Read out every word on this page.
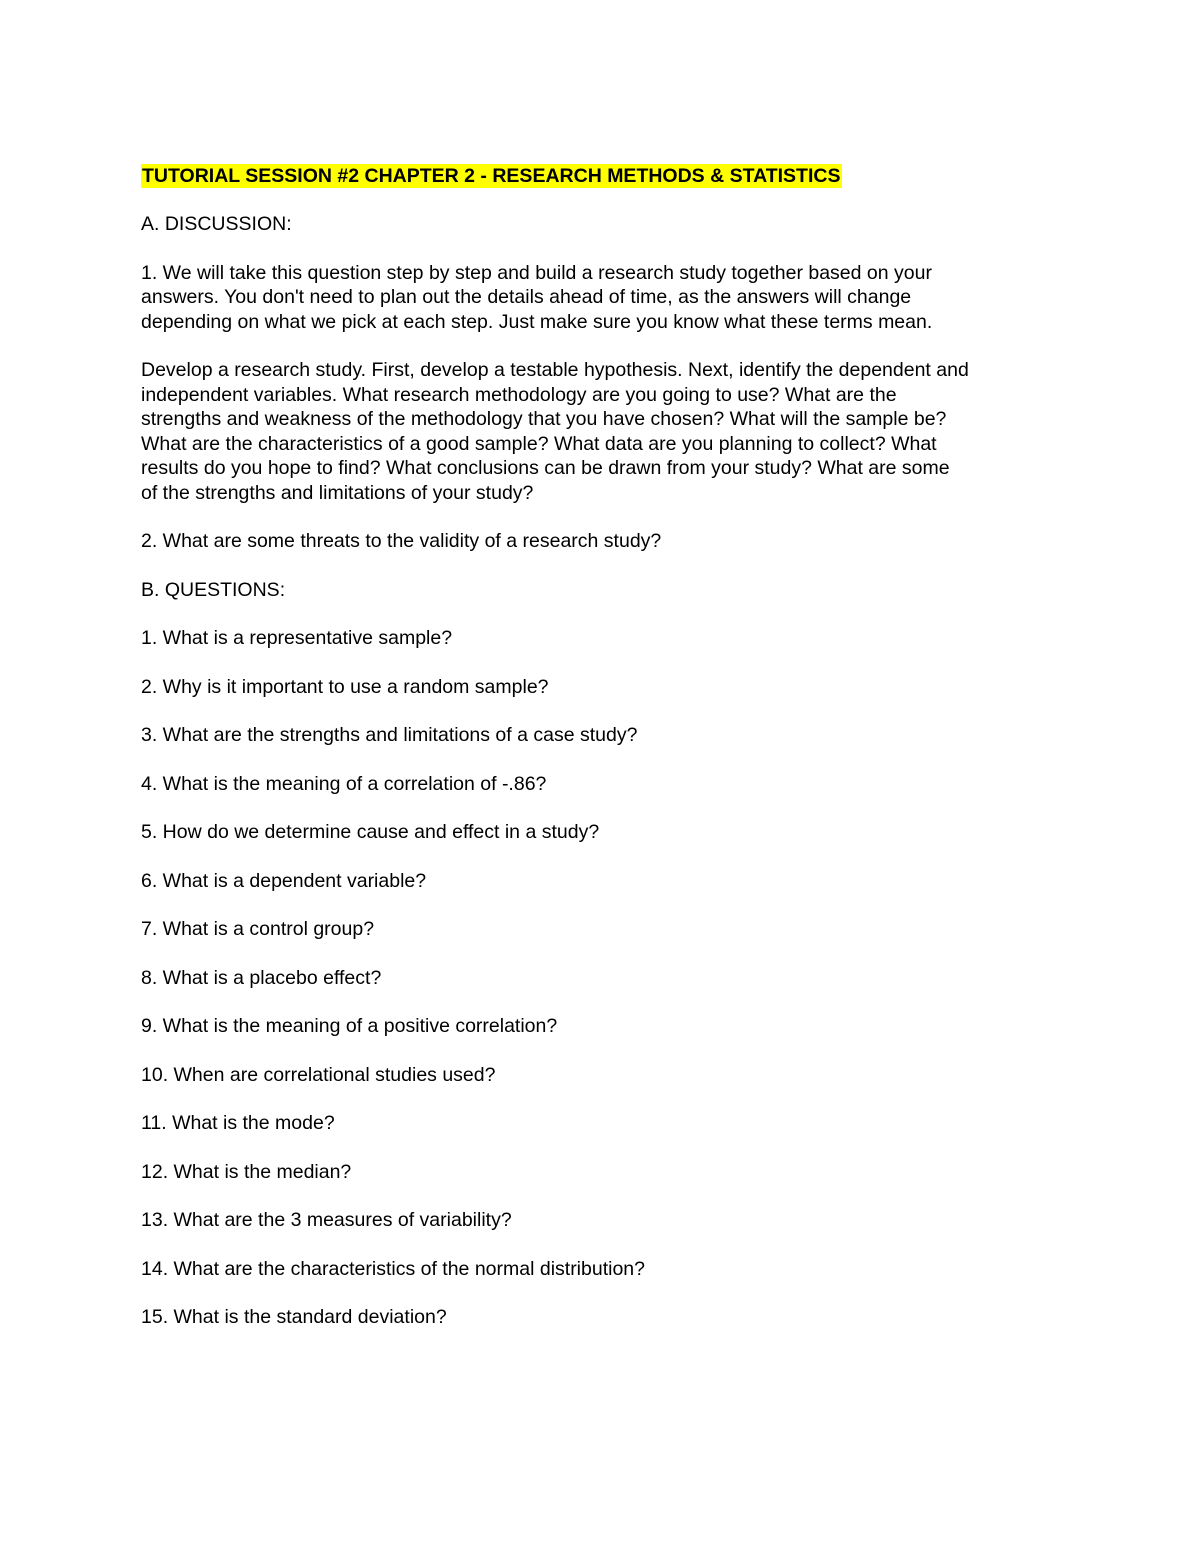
TUTORIAL SESSION #2 CHAPTER 2 - RESEARCH METHODS & STATISTICS

A. DISCUSSION:

1. We will take this question step by step and build a research study together based on your

answers. You don't need to plan out the details ahead of time, as the answers will change

depending on what we pick at each step. Just make sure you know what these terms mean.

Develop a research study. First, develop a testable hypothesis. Next, identify the dependent and

independent variables. What research methodology are you going to use? What are the

strengths and weakness of the methodology that you have chosen? What will the sample be?

What are the characteristics of a good sample? What data are you planning to collect? What

results do you hope to find? What conclusions can be drawn from your study? What are some

of the strengths and limitations of your study?

2. What are some threats to the validity of a research study?

B. QUESTIONS:

1. What is a representative sample?

2. Why is it important to use a random sample?

3. What are the strengths and limitations of a case study?

4. What is the meaning of a correlation of -.86?

5. How do we determine cause and effect in a study?

6. What is a dependent variable?

7. What is a control group?

8. What is a placebo effect?

9. What is the meaning of a positive correlation?

10. When are correlational studies used?

11. What is the mode?

12. What is the median?

13. What are the 3 measures of variability?

14. What are the characteristics of the normal distribution?

15. What is the standard deviation?
